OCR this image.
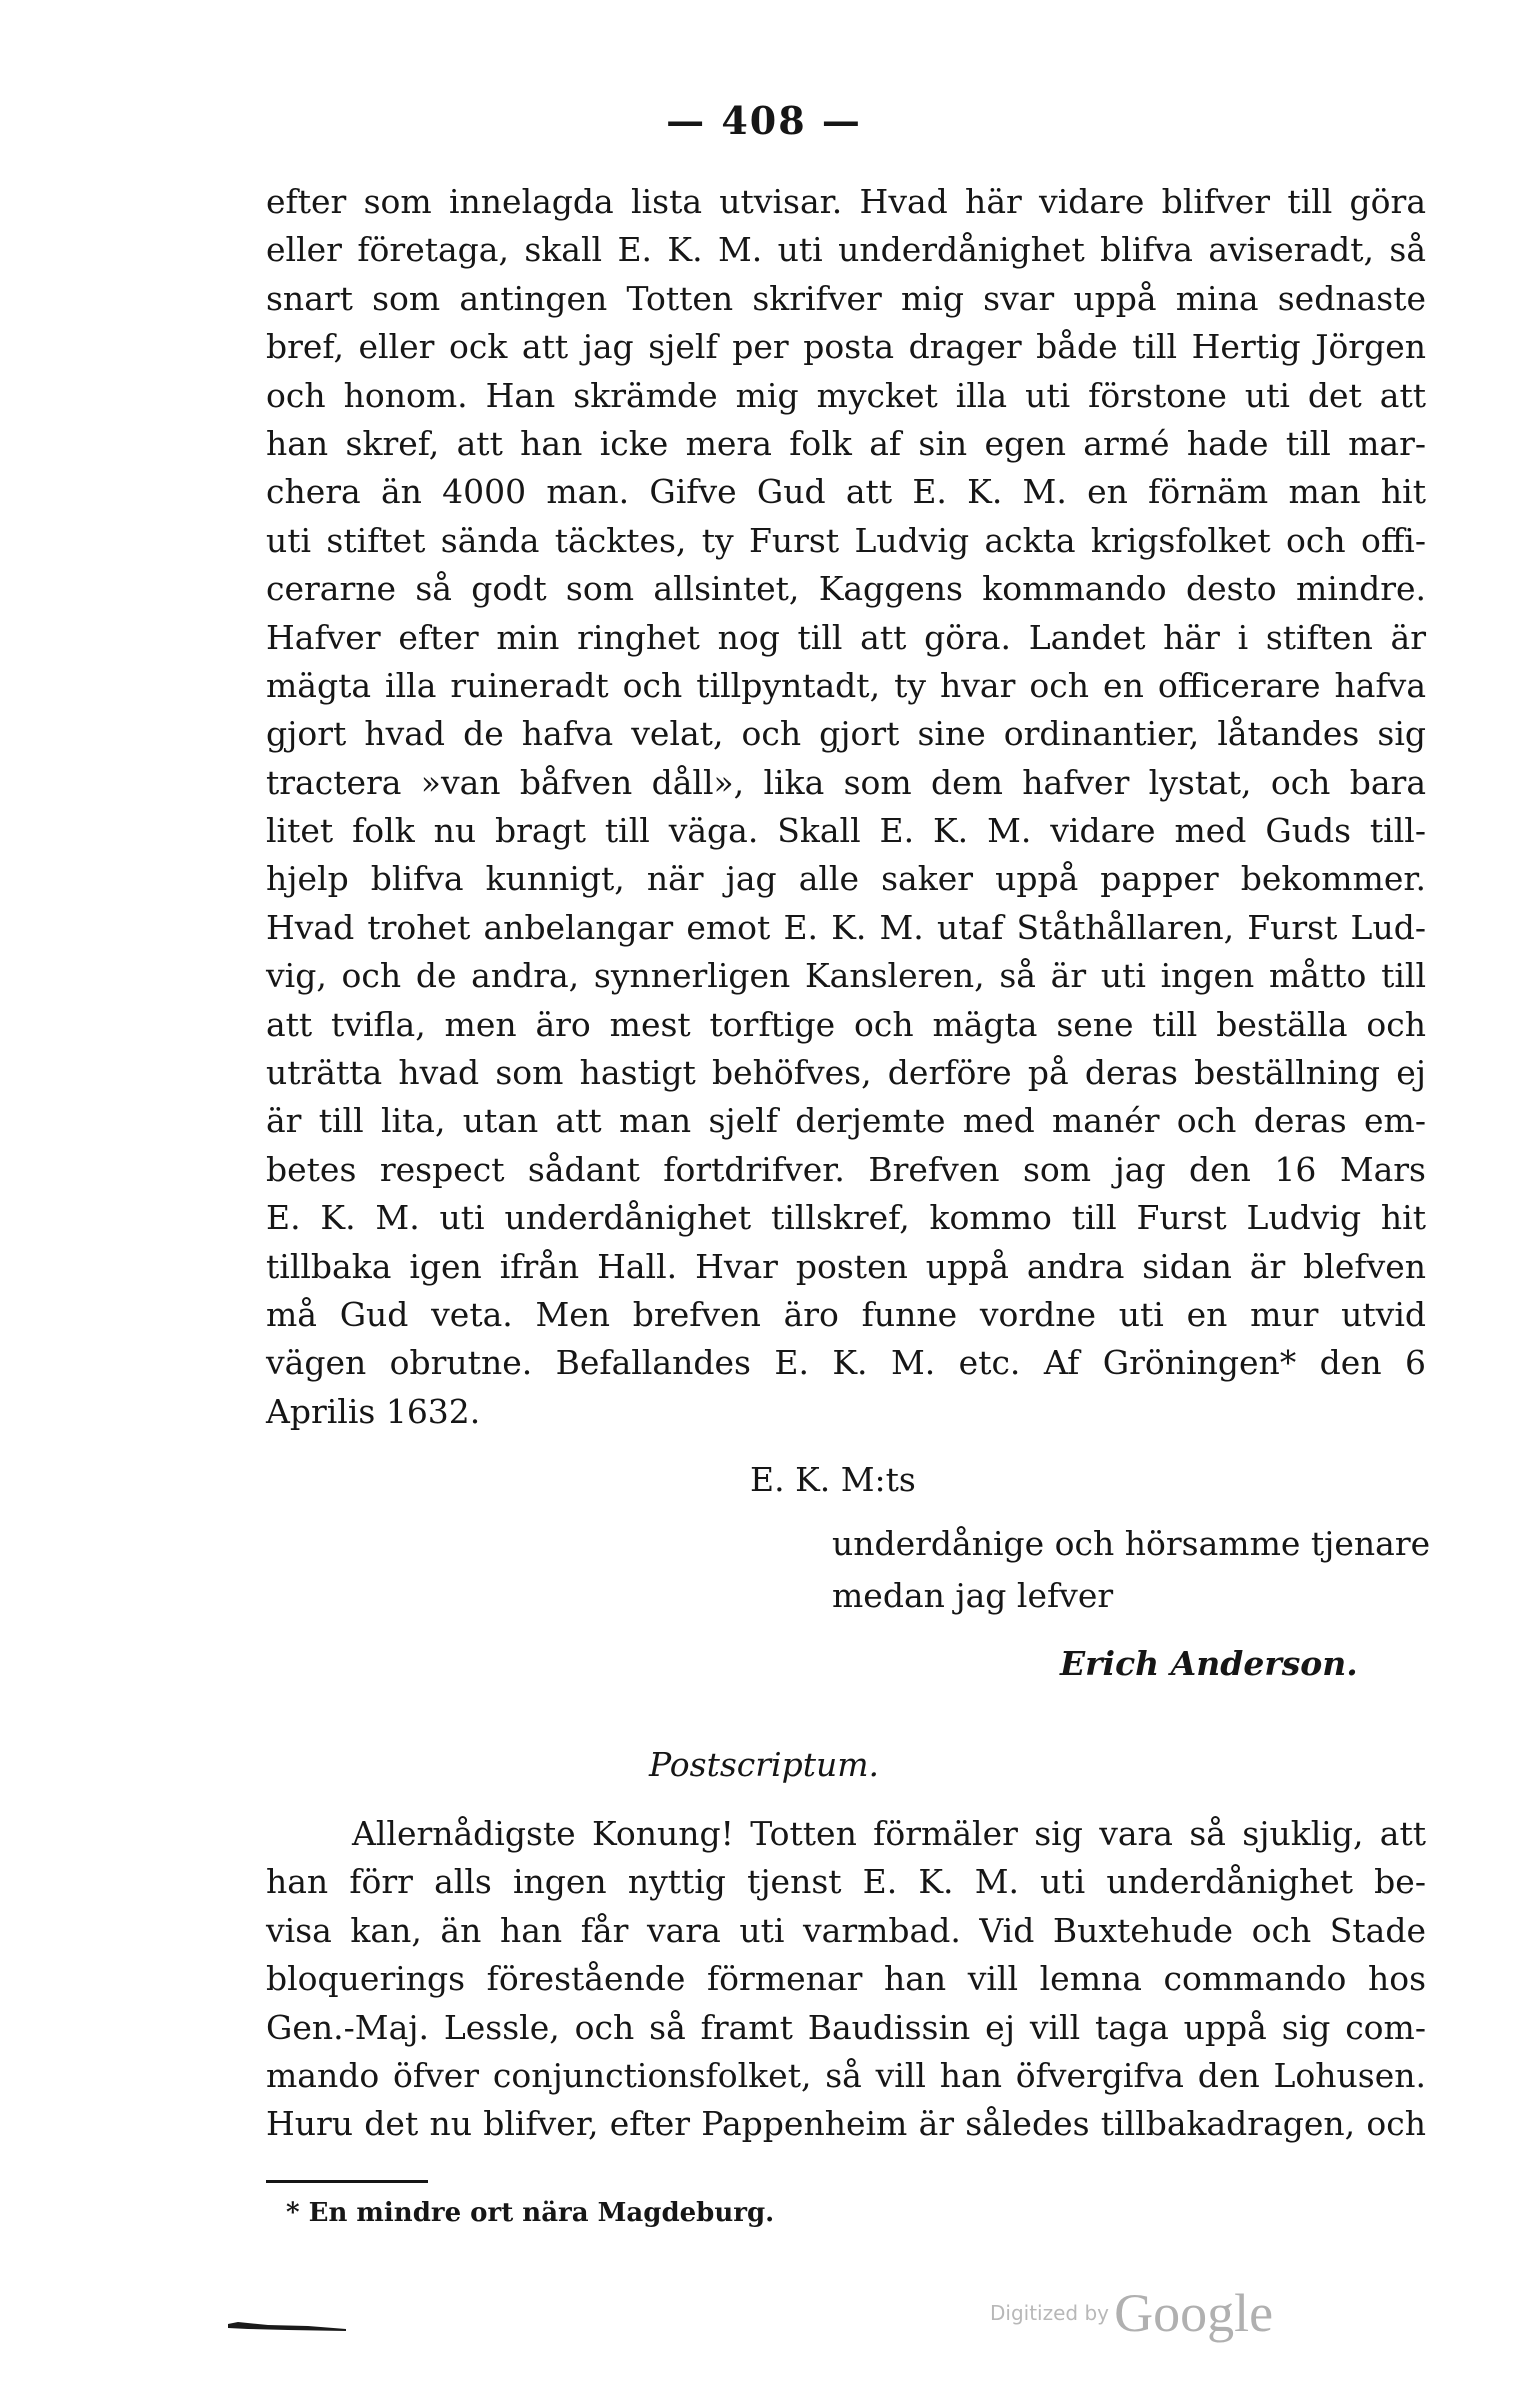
— 408 —
efter som innelagda lista utvisar. Hvad här vidare blifver till göra
eller företaga, skall E. K. M. uti underdånighet blifva aviseradt, så
snart som antingen Totten skrifver mig svar uppå mina sednaste
bref, eller ock att jag sjelf per posta drager både till Hertig Jörgen
och honom. Han skrämde mig mycket illa uti förstone uti det att
han skref, att han icke mera folk af sin egen armé hade till mar-
chera än 4000 man. Gifve Gud att E. K. M. en förnäm man hit
uti stiftet sända täcktes, ty Furst Ludvig ackta krigsfolket och offi-
cerarne så godt som allsintet, Kaggens kommando desto mindre.
Hafver efter min ringhet nog till att göra. Landet här i stiften är
mägta illa ruineradt och tillpyntadt, ty hvar och en officerare hafva
gjort hvad de hafva velat, och gjort sine ordinantier, låtandes sig
tractera »van båfven dåll», lika som dem hafver lystat, och bara
litet folk nu bragt till väga. Skall E. K. M. vidare med Guds till-
hjelp blifva kunnigt, när jag alle saker uppå papper bekommer.
Hvad trohet anbelangar emot E. K. M. utaf Ståthållaren, Furst Lud-
vig, och de andra, synnerligen Kansleren, så är uti ingen måtto till
att tvifla, men äro mest torftige och mägta sene till beställa och
uträtta hvad som hastigt behöfves, derföre på deras beställning ej
är till lita, utan att man sjelf derjemte med manér och deras em-
betes respect sådant fortdrifver. Brefven som jag den 16 Mars
E. K. M. uti underdånighet tillskref, kommo till Furst Ludvig hit
tillbaka igen ifrån Hall. Hvar posten uppå andra sidan är blefven
må Gud veta. Men brefven äro funne vordne uti en mur utvid
vägen obrutne. Befallandes E. K. M. etc. Af Gröningen* den 6
Aprilis 1632.
E. K. M:ts
underdånige och hörsamme tjenare
medan jag lefver
Erich Anderson.
Postscriptum.
Allernådigste Konung! Totten förmäler sig vara så sjuklig, att
han förr alls ingen nyttig tjenst E. K. M. uti underdånighet be-
visa kan, än han får vara uti varmbad. Vid Buxtehude och Stade
bloquerings förestående förmenar han vill lemna commando hos
Gen.-Maj. Lessle, och så framt Baudissin ej vill taga uppå sig com-
mando öfver conjunctionsfolket, så vill han öfvergifva den Lohusen.
Huru det nu blifver, efter Pappenheim är således tillbakadragen, och
* En mindre ort nära Magdeburg.
Digitized by Google
